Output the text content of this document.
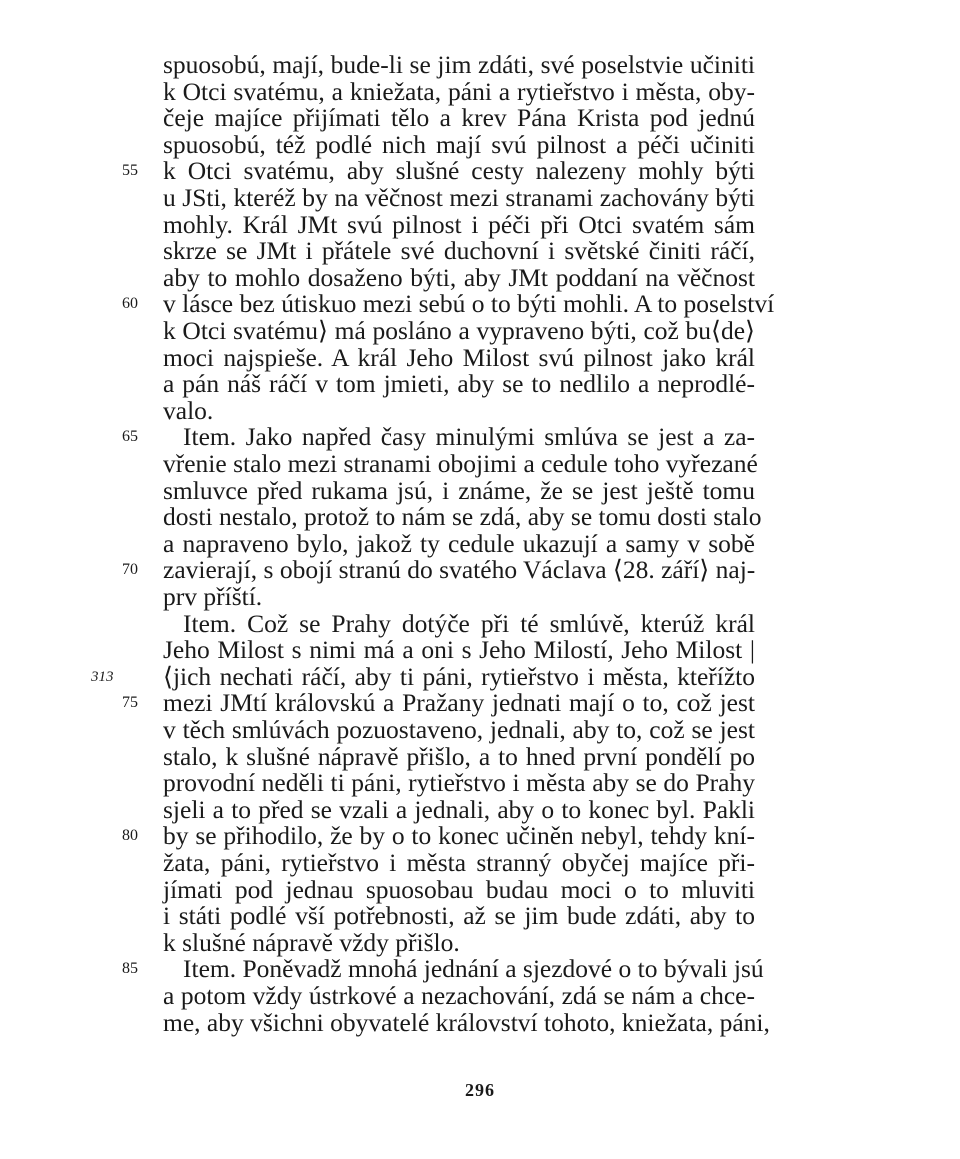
spuosobú, mají, bude-li se jim zdáti, své poselstvie učiniti
k Otci svatému, a kniežata, páni a rytieřstvo i města, oby-
čeje majíce přijímati tělo a krev Pána Krista pod jednú
spuosobú, též podlé nich mají svú pilnost a péči učiniti
k Otci svatému, aby slušné cesty nalezeny mohly býti
u JSti, kteréž by na věčnost mezi stranami zachovány býti
mohly. Král JMt svú pilnost i péči při Otci svatém sám
skrze se JMt i přátele své duchovní i světské činiti ráčí,
aby to mohlo dosaženo býti, aby JMt poddaní na věčnost
v lásce bez útiskuo mezi sebú o to býti mohli. A to poselství
k Otci svatému⟩ má posláno a vypraveno býti, což bu⟨de⟩
moci najspieše. A král Jeho Milost svú pilnost jako král
a pán náš ráčí v tom jmieti, aby se to nedlilo a neprodlé-
valo.
Item. Jako napřed časy minulými smlúva se jest a za-
vřenie stalo mezi stranami obojimi a cedule toho vyřezané
smluvce před rukama jsú, i známe, že se jest ještě tomu
dosti nestalo, protož to nám se zdá, aby se tomu dosti stalo
a napraveno bylo, jakož ty cedule ukazují a samy v sobě
zavierají, s obojí stranú do svatého Václava ⟨28. září⟩ naj-
prv příští.
Item. Což se Prahy dotýče při té smlúvě, kterúž král
Jeho Milost s nimi má a oni s Jeho Milostí, Jeho Milost |
⟨jich nechati ráčí, aby ti páni, rytieřstvo i města, kteřížto
mezi JMtí královskú a Pražany jednati mají o to, což jest
v těch smlúvách pozuostaveno, jednali, aby to, což se jest
stalo, k slušné nápravě přišlo, a to hned první pondělí po
provodní neděli ti páni, rytieřstvo i města aby se do Prahy
sjeli a to před se vzali a jednali, aby o to konec byl. Pakli
by se přihodilo, že by o to konec učiněn nebyl, tehdy kní-
žata, páni, rytieřstvo i města stranný obyčej majíce při-
jímati pod jednau spuosobau budau moci o to mluviti
i státi podlé vší potřebnosti, až se jim bude zdáti, aby to
k slušné nápravě vždy přišlo.
55
60
65
70
75
80
313
Item. Poněvadž mnohá jednání a sjezdové o to bývali jsú
a potom vždy ústrkové a nezachování, zdá se nám a chce-
me, aby všichni obyvatelé království tohoto, kniežata, páni,
85
296
